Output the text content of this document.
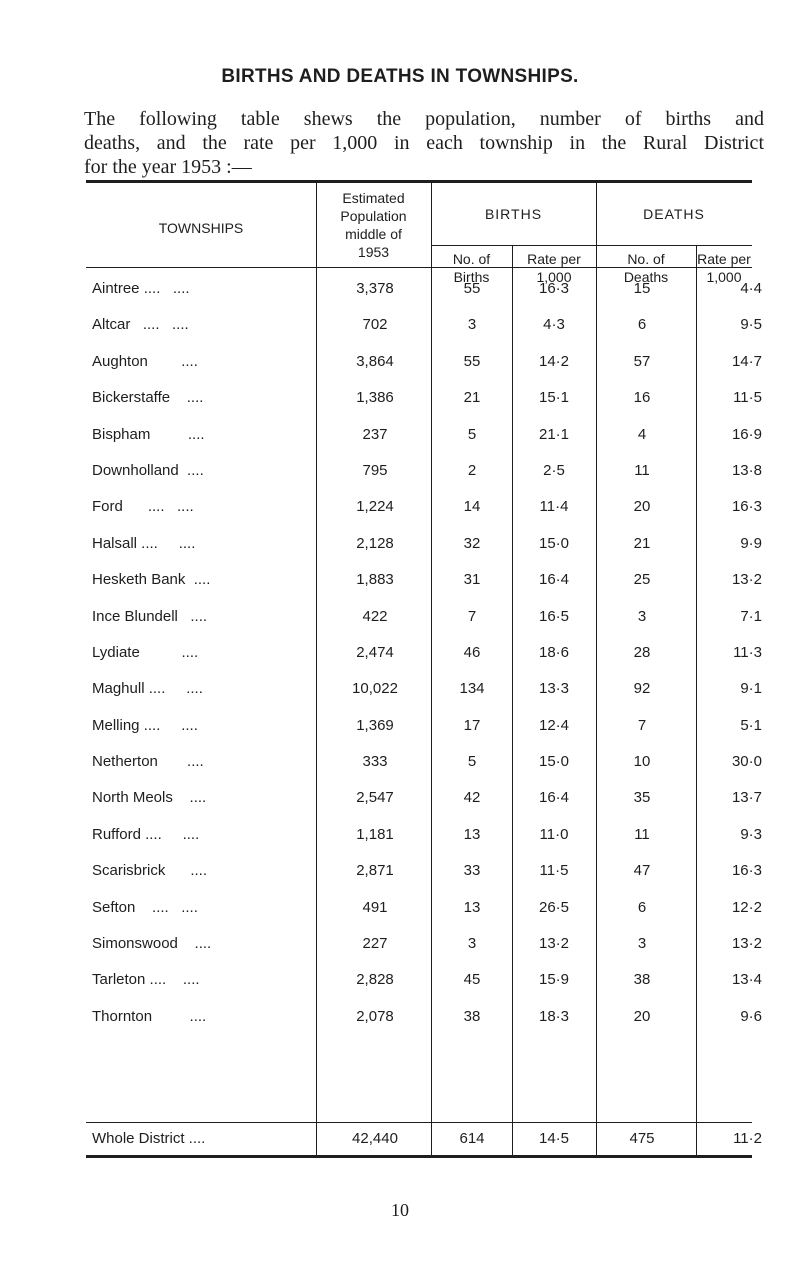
BIRTHS AND DEATHS IN TOWNSHIPS.
The following table shews the population, number of births and
deaths, and the rate per 1,000 in each township in the Rural District
for the year 1953 :—
TOWNSHIPS
Estimated
Population
middle of
1953
BIRTHS	DEATHS
No. of
Births
Rate per
1,000
No. of
Deaths
Rate per
1,000
Aintree ....   ....	3,378	55	16·3	15	4·4
Altcar   ....   ....	702	3	4·3	6	9·5
Aughton        ....	3,864	55	14·2	57	14·7
Bickerstaffe    ....	1,386	21	15·1	16	11·5
Bispham         ....	237	5	21·1	4	16·9
Downholland  ....	795	2	2·5	11	13·8
Ford      ....   ....	1,224	14	11·4	20	16·3
Halsall ....     ....	2,128	32	15·0	21	9·9
Hesketh Bank  ....	1,883	31	16·4	25	13·2
Ince Blundell   ....	422	7	16·5	3	7·1
Lydiate          ....	2,474	46	18·6	28	11·3
Maghull ....     ....	10,022	134	13·3	92	9·1
Melling ....     ....	1,369	17	12·4	7	5·1
Netherton       ....	333	5	15·0	10	30·0
North Meols    ....	2,547	42	16·4	35	13·7
Rufford ....     ....	1,181	13	11·0	11	9·3
Scarisbrick      ....	2,871	33	11·5	47	16·3
Sefton    ....   ....	491	13	26·5	6	12·2
Simonswood    ....	227	3	13·2	3	13·2
Tarleton ....    ....	2,828	45	15·9	38	13·4
Thornton         ....	2,078	38	18·3	20	9·6
Whole District ....	42,440	614	14·5	475	11·2
10
